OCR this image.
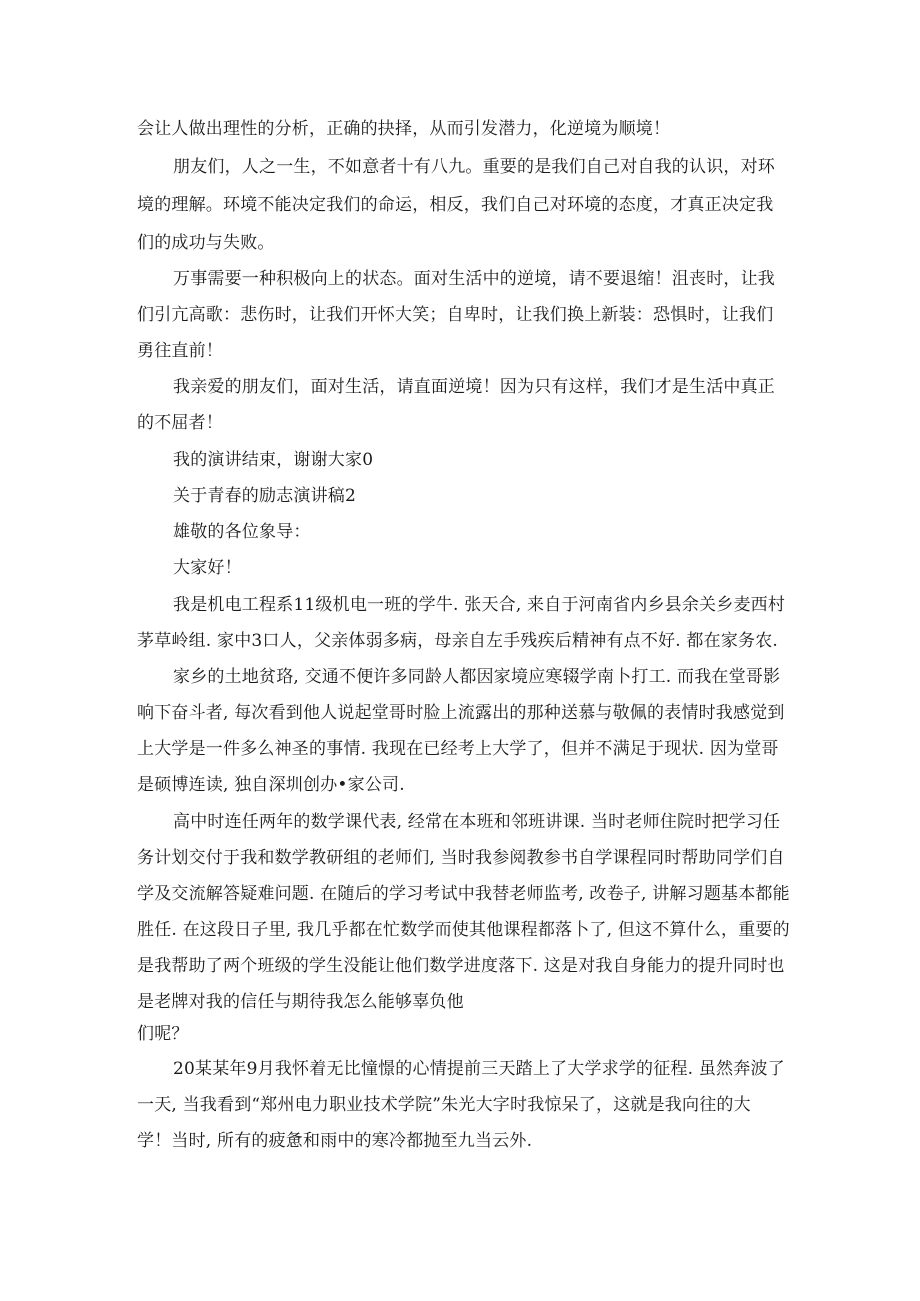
会让人做出理性的分析，正确的抉择，从而引发潜力，化逆境为顺境！
朋友们，人之一生，不如意者十有八九。重要的是我们自己对自我的认识，对环
境的理解。环境不能决定我们的命运，相反，我们自己对环境的态度，才真正决定我
们的成功与失败。
万事需要一种积极向上的状态。面对生活中的逆境，请不要退缩！沮丧时，让我
们引亢高歌：悲伤时，让我们开怀大笑；自卑时，让我们换上新装：恐惧时，让我们
勇往直前！
我亲爱的朋友们，面对生活，请直面逆境！因为只有这样，我们才是生活中真正
的不屈者！
我的演讲结束，谢谢大家0
关于青春的励志演讲稿2
雄敬的各位象导：
大家好！
我是机电工程系11级机电一班的学牛. 张天合, 来自于河南省内乡县余关乡麦西村
茅草岭组. 家中3口人，父亲体弱多病，母亲自左手残疾后精神有点不好. 都在家务农.
家乡的土地贫珞, 交通不便许多同龄人都因家境应寒辍学南卜打工. 而我在堂哥影
响下奋斗者, 每次看到他人说起堂哥时脸上流露出的那种送慕与敬佩的表情时我感觉到
上大学是一件多么神圣的事情. 我现在已经考上大学了，但并不满足于现状. 因为堂哥
是硕博连读, 独自深圳创办•家公司.
高中时连任两年的数学课代表, 经常在本班和邻班讲课. 当时老师住院时把学习任
务计划交付于我和数学教研组的老师们, 当时我参阅教参书自学课程同时帮助同学们自
学及交流解答疑难问题. 在随后的学习考试中我替老师监考, 改卷子, 讲解习题基本都能
胜任. 在这段日子里, 我几乎都在忙数学而使其他课程都落卜了, 但这不算什么，重要的
是我帮助了两个班级的学生没能让他们数学进度落下. 这是对我自身能力的提升同时也
是老牌对我的信任与期待我怎么能够辜负他
们呢？
20某某年9月我怀着无比憧憬的心情提前三天踏上了大学求学的征程. 虽然奔波了
一天, 当我看到“郑州电力职业技术学院”朱光大字时我惊呆了，这就是我向往的大
学！当时, 所有的疲惫和雨中的寒冷都抛至九当云外.
